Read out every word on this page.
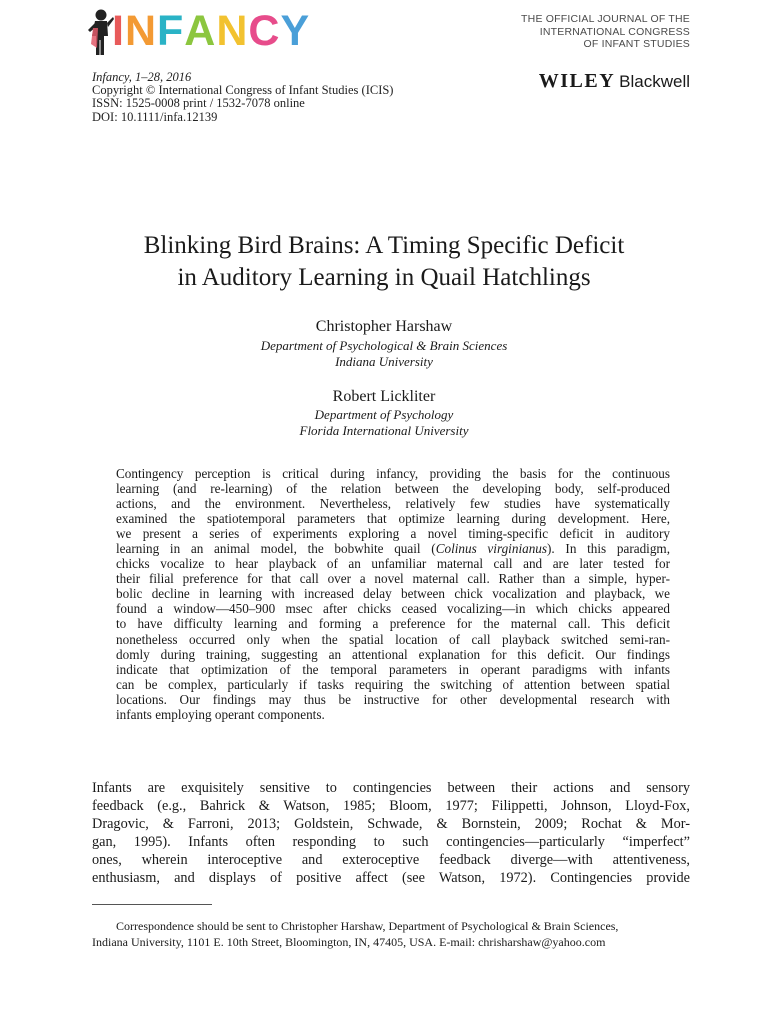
INFANCY	THE OFFICIAL JOURNAL OF THE
INTERNATIONAL CONGRESS
OF INFANT STUDIES
Infancy, 1–28, 2016
Copyright © International Congress of Infant Studies (ICIS)
ISSN: 1525-0008 print / 1532-7078 online
DOI: 10.1111/infa.12139
WILEY Blackwell
Blinking Bird Brains: A Timing Specific Deficit
in Auditory Learning in Quail Hatchlings
Christopher Harshaw
Department of Psychological & Brain Sciences
Indiana University
Robert Lickliter
Department of Psychology
Florida International University
Contingency perception is critical during infancy, providing the basis for the continuous
learning (and re-learning) of the relation between the developing body, self-produced
actions, and the environment. Nevertheless, relatively few studies have systematically
examined the spatiotemporal parameters that optimize learning during development. Here,
we present a series of experiments exploring a novel timing-specific deficit in auditory
learning in an animal model, the bobwhite quail (Colinus virginianus). In this paradigm,
chicks vocalize to hear playback of an unfamiliar maternal call and are later tested for
their filial preference for that call over a novel maternal call. Rather than a simple, hyper-
bolic decline in learning with increased delay between chick vocalization and playback, we
found a window—450–900 msec after chicks ceased vocalizing—in which chicks appeared
to have difficulty learning and forming a preference for the maternal call. This deficit
nonetheless occurred only when the spatial location of call playback switched semi-ran-
domly during training, suggesting an attentional explanation for this deficit. Our findings
indicate that optimization of the temporal parameters in operant paradigms with infants
can be complex, particularly if tasks requiring the switching of attention between spatial
locations. Our findings may thus be instructive for other developmental research with
infants employing operant components.
Infants are exquisitely sensitive to contingencies between their actions and sensory
feedback (e.g., Bahrick & Watson, 1985; Bloom, 1977; Filippetti, Johnson, Lloyd-Fox,
Dragovic, & Farroni, 2013; Goldstein, Schwade, & Bornstein, 2009; Rochat & Mor-
gan, 1995). Infants often responding to such contingencies—particularly “imperfect”
ones, wherein interoceptive and exteroceptive feedback diverge—with attentiveness,
enthusiasm, and displays of positive affect (see Watson, 1972). Contingencies provide
Correspondence should be sent to Christopher Harshaw, Department of Psychological & Brain Sciences,
Indiana University, 1101 E. 10th Street, Bloomington, IN, 47405, USA. E-mail: chrisharshaw@yahoo.com
